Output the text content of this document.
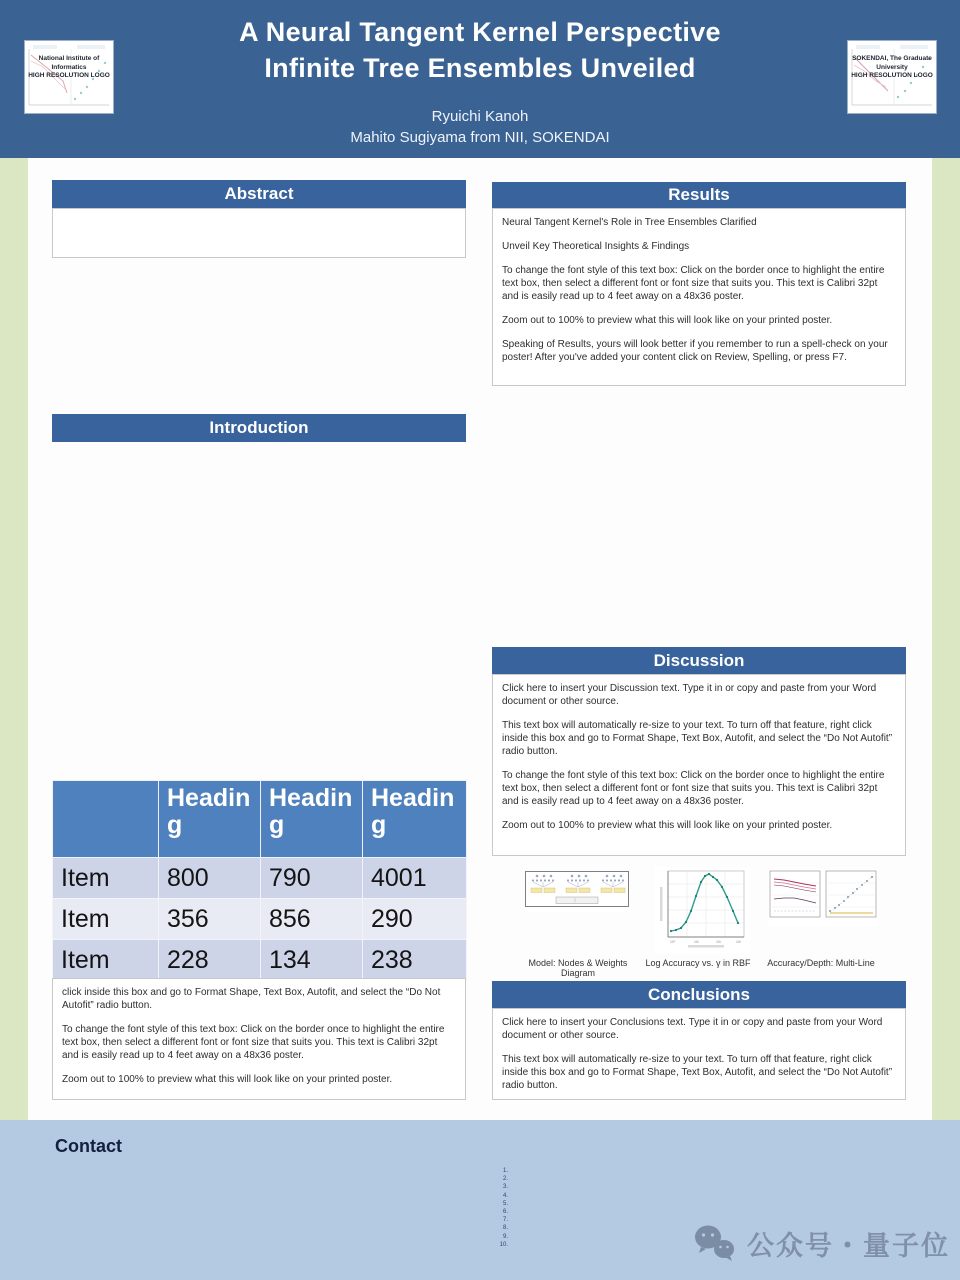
A Neural Tangent Kernel Perspective
Infinite Tree Ensembles Unveiled
Ryuichi Kanoh
Mahito Sugiyama from NII, SOKENDAI
National Institute of
Informatics
HIGH RESOLUTION LOGO
SOKENDAI, The Graduate
University
HIGH RESOLUTION LOGO
Abstract
Introduction
	Heading	Heading	Heading
Item	800	790	4001
Item	356	856	290
Item	228	134	238

click inside this box and go to Format Shape, Text Box, Autofit, and select the “Do Not Autofit” radio button.

To change the font style of this text box: Click on the border once to highlight the entire text box, then select a different font or font size that suits you. This text is Calibri 32pt and is easily read up to 4 feet away on a 48x36 poster.

Zoom out to 100% to preview what this will look like on your printed poster.

Results

Neural Tangent Kernel's Role in Tree Ensembles Clarified

Unveil Key Theoretical Insights & Findings

To change the font style of this text box: Click on the border once to highlight the entire text box, then select a different font or font size that suits you. This text is Calibri 32pt and is easily read up to 4 feet away on a 48x36 poster.

Zoom out to 100% to preview what this will look like on your printed poster.

Speaking of Results, yours will look better if you remember to run a spell-check on your poster! After you've added your content click on Review, Spelling, or press F7.

Discussion

Click here to insert your Discussion text. Type it in or copy and paste from your Word document or other source.

This text box will automatically re-size to your text. To turn off that feature, right click inside this box and go to Format Shape, Text Box, Autofit, and select the “Do Not Autofit” radio button.

To change the font style of this text box: Click on the border once to highlight the entire text box, then select a different font or font size that suits you. This text is Calibri 32pt and is easily read up to 4 feet away on a 48x36 poster.

Zoom out to 100% to preview what this will look like on your printed poster.

10⁰	10¹	10²	10³
Model: Nodes & Weights Diagram
Log Accuracy vs. γ in RBF	Accuracy/Depth: Multi-Line
Conclusions

Click here to insert your Conclusions text. Type it in or copy and paste from your Word document or other source.

This text box will automatically re-size to your text. To turn off that feature, right click inside this box and go to Format Shape, Text Box, Autofit, and select the “Do Not Autofit” radio button.

Contact
1.
2.
3.
4.
5.
6.
7.
8.
9.
10.	公众号・量子位
